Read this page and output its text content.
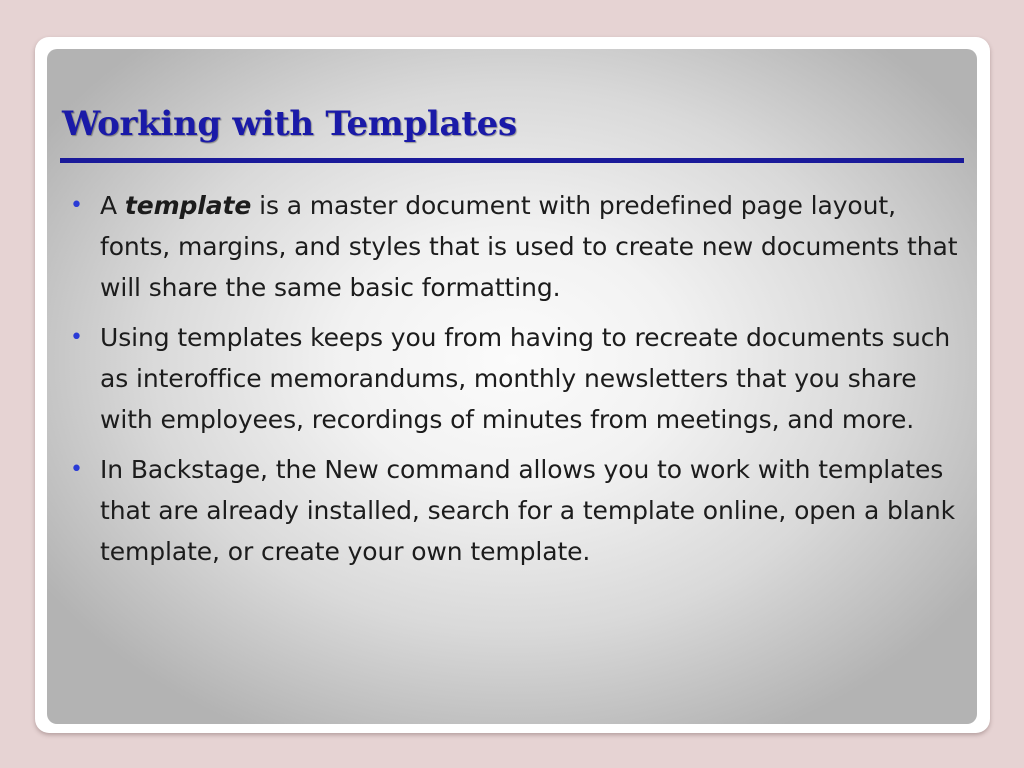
Working with Templates
• A template is a master document with predefined page layout, fonts, margins, and styles that is used to create new documents that will share the same basic formatting.
• Using templates keeps you from having to recreate documents such as interoffice memorandums, monthly newsletters that you share with employees, recordings of minutes from meetings, and more.
• In Backstage, the New command allows you to work with templates that are already installed, search for a template online, open a blank template, or create your own template.
